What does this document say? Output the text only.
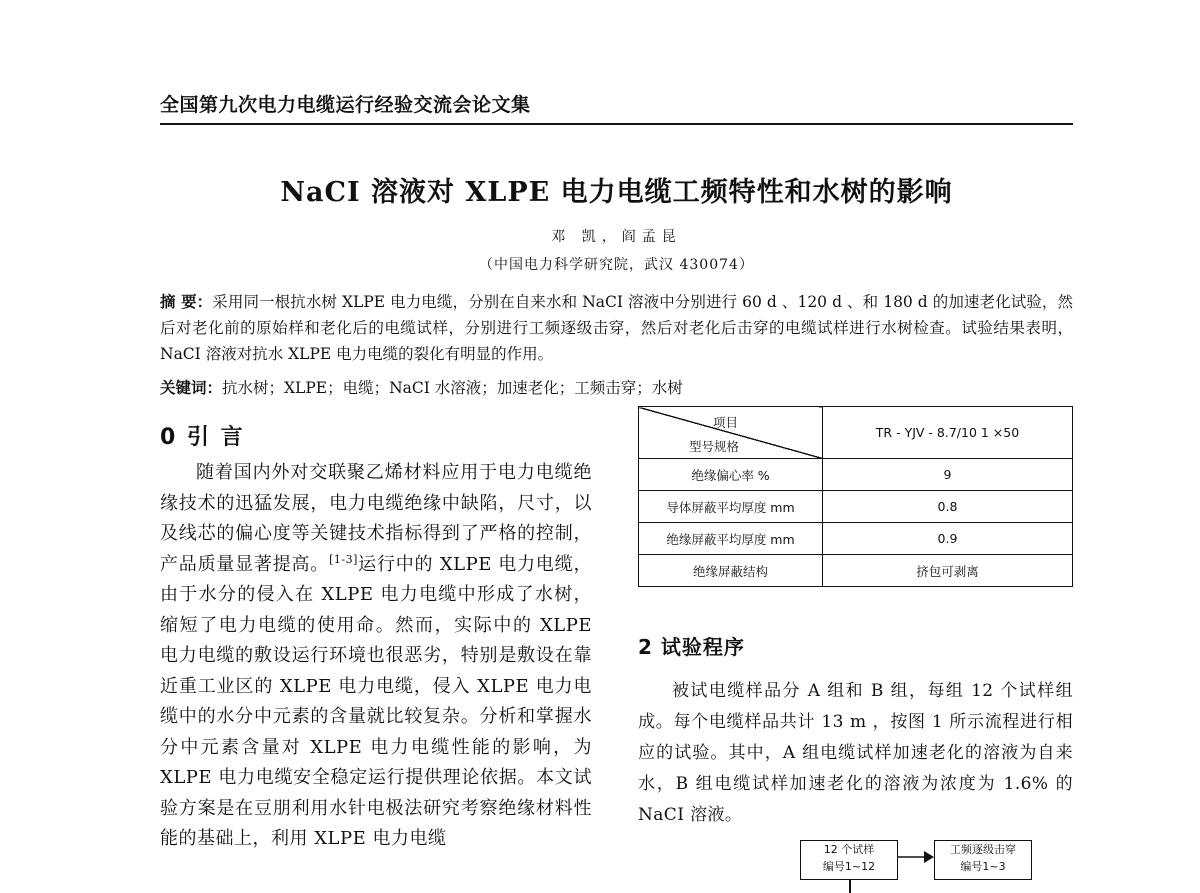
全国第九次电力电缆运行经验交流会论文集
NaCI 溶液对 XLPE 电力电缆工频特性和水树的影响
邓 凯，阎孟昆
（中国电力科学研究院，武汉 430074）
摘 要：采用同一根抗水树 XLPE 电力电缆，分别在自来水和 NaCI 溶液中分别进行 60 d 、120 d 、和 180 d 的加速老化试验，然后对老化前的原始样和老化后的电缆试样，分别进行工频逐级击穿，然后对老化后击穿的电缆试样进行水树检查。试验结果表明，NaCI 溶液对抗水 XLPE 电力电缆的裂化有明显的作用。
关键词：抗水树；XLPE；电缆；NaCI 水溶液；加速老化；工频击穿；水树
0 引 言
随着国内外对交联聚乙烯材料应用于电力电缆绝缘技术的迅猛发展，电力电缆绝缘中缺陷，尺寸，以及线芯的偏心度等关键技术指标得到了严格的控制，产品质量显著提高。[1-3]运行中的 XLPE 电力电缆，由于水分的侵入在 XLPE 电力电缆中形成了水树，缩短了电力电缆的使用命。然而，实际中的 XLPE 电力电缆的敷设运行环境也很恶劣，特别是敷设在靠近重工业区的 XLPE 电力电缆，侵入 XLPE 电力电缆中的水分中元素的含量就比较复杂。分析和掌握水分中元素含量对 XLPE 电力电缆性能的影响，为 XLPE 电力电缆安全稳定运行提供理论依据。本文试验方案是在豆朋利用水针电极法研究考察绝缘材料性能的基础上，利用 XLPE 电力电缆
项目
型号规格	TR - YJV - 8.7/10 1 ×50
绝缘偏心率 %	9
导体屏蔽平均厚度 mm	0.8
绝缘屏蔽平均厚度 mm	0.9
绝缘屏蔽结构	挤包可剥离
2 试验程序
被试电缆样品分 A 组和 B 组，每组 12 个试样组成。每个电缆样品共计 13 m ，按图 1 所示流程进行相应的试验。其中，A 组电缆试样加速老化的溶液为自来水，B 组电缆试样加速老化的溶液为浓度为 1.6% 的 NaCI 溶液。
12 个试样
编号1~12
工频逐级击穿
编号1~3
